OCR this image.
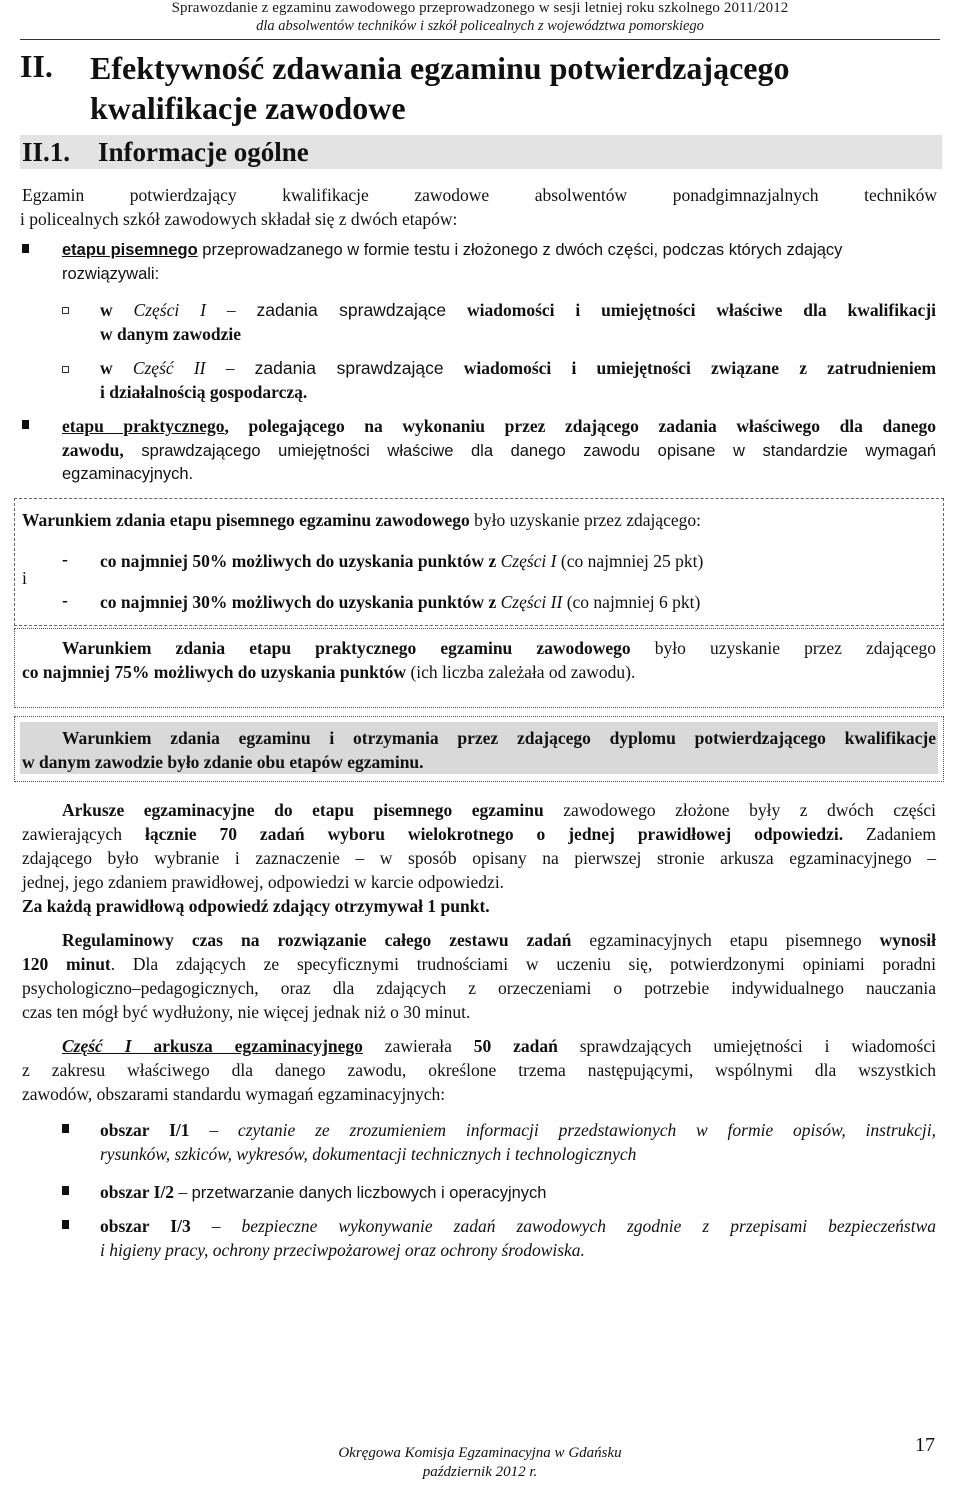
Sprawozdanie z egzaminu zawodowego przeprowadzonego w sesji letniej roku szkolnego 2011/2012
dla absolwentów techników i szkół policealnych z województwa pomorskiego
II. Efektywność zdawania egzaminu potwierdzającego kwalifikacje zawodowe
II.1. Informacje ogólne
Egzamin potwierdzający kwalifikacje zawodowe absolwentów ponadgimnazjalnych techników
i policealnych szkół zawodowych składał się z dwóch etapów:
etapu pisemnego przeprowadzanego w formie testu i złożonego z dwóch części, podczas których zdający
rozwiązywali:
w Części I – zadania sprawdzające wiadomości i umiejętności właściwe dla kwalifikacji
w danym zawodzie
w Część II – zadania sprawdzające wiadomości i umiejętności związane z zatrudnieniem
i działalnością gospodarczą.
etapu praktycznego, polegającego na wykonaniu przez zdającego zadania właściwego dla danego
zawodu, sprawdzającego umiejętności właściwe dla danego zawodu opisane w standardzie wymagań
egzaminacyjnych.
Warunkiem zdania etapu pisemnego egzaminu zawodowego było uzyskanie przez zdającego:
i
- co najmniej 50% możliwych do uzyskania punktów z Części I (co najmniej 25 pkt)
- co najmniej 30% możliwych do uzyskania punktów z Części II (co najmniej 6 pkt)
Warunkiem zdania etapu praktycznego egzaminu zawodowego było uzyskanie przez zdającego
co najmniej 75% możliwych do uzyskania punktów (ich liczba zależała od zawodu).
Warunkiem zdania egzaminu i otrzymania przez zdającego dyplomu potwierdzającego kwalifikacje
w danym zawodzie było zdanie obu etapów egzaminu.
Arkusze egzaminacyjne do etapu pisemnego egzaminu zawodowego złożone były z dwóch części
zawierających łącznie 70 zadań wyboru wielokrotnego o jednej prawidłowej odpowiedzi. Zadaniem
zdającego było wybranie i zaznaczenie – w sposób opisany na pierwszej stronie arkusza egzaminacyjnego –
jednej, jego zdaniem prawidłowej, odpowiedzi w karcie odpowiedzi.
Za każdą prawidłową odpowiedź zdający otrzymywał 1 punkt.
Regulaminowy czas na rozwiązanie całego zestawu zadań egzaminacyjnych etapu pisemnego wynosił
120 minut. Dla zdających ze specyficznymi trudnościami w uczeniu się, potwierdzonymi opiniami poradni
psychologiczno–pedagogicznych, oraz dla zdających z orzeczeniami o potrzebie indywidualnego nauczania
czas ten mógł być wydłużony, nie więcej jednak niż o 30 minut.
Część I arkusza egzaminacyjnego zawierała 50 zadań sprawdzających umiejętności i wiadomości
z zakresu właściwego dla danego zawodu, określone trzema następującymi, wspólnymi dla wszystkich
zawodów, obszarami standardu wymagań egzaminacyjnych:
obszar I/1 – czytanie ze zrozumieniem informacji przedstawionych w formie opisów, instrukcji,
rysunków, szkiców, wykresów, dokumentacji technicznych i technologicznych
obszar I/2 – przetwarzanie danych liczbowych i operacyjnych
obszar I/3 – bezpieczne wykonywanie zadań zawodowych zgodnie z przepisami bezpieczeństwa
i higieny pracy, ochrony przeciwpożarowej oraz ochrony środowiska.
Okręgowa Komisja Egzaminacyjna w Gdańsku
październik 2012 r.
17
